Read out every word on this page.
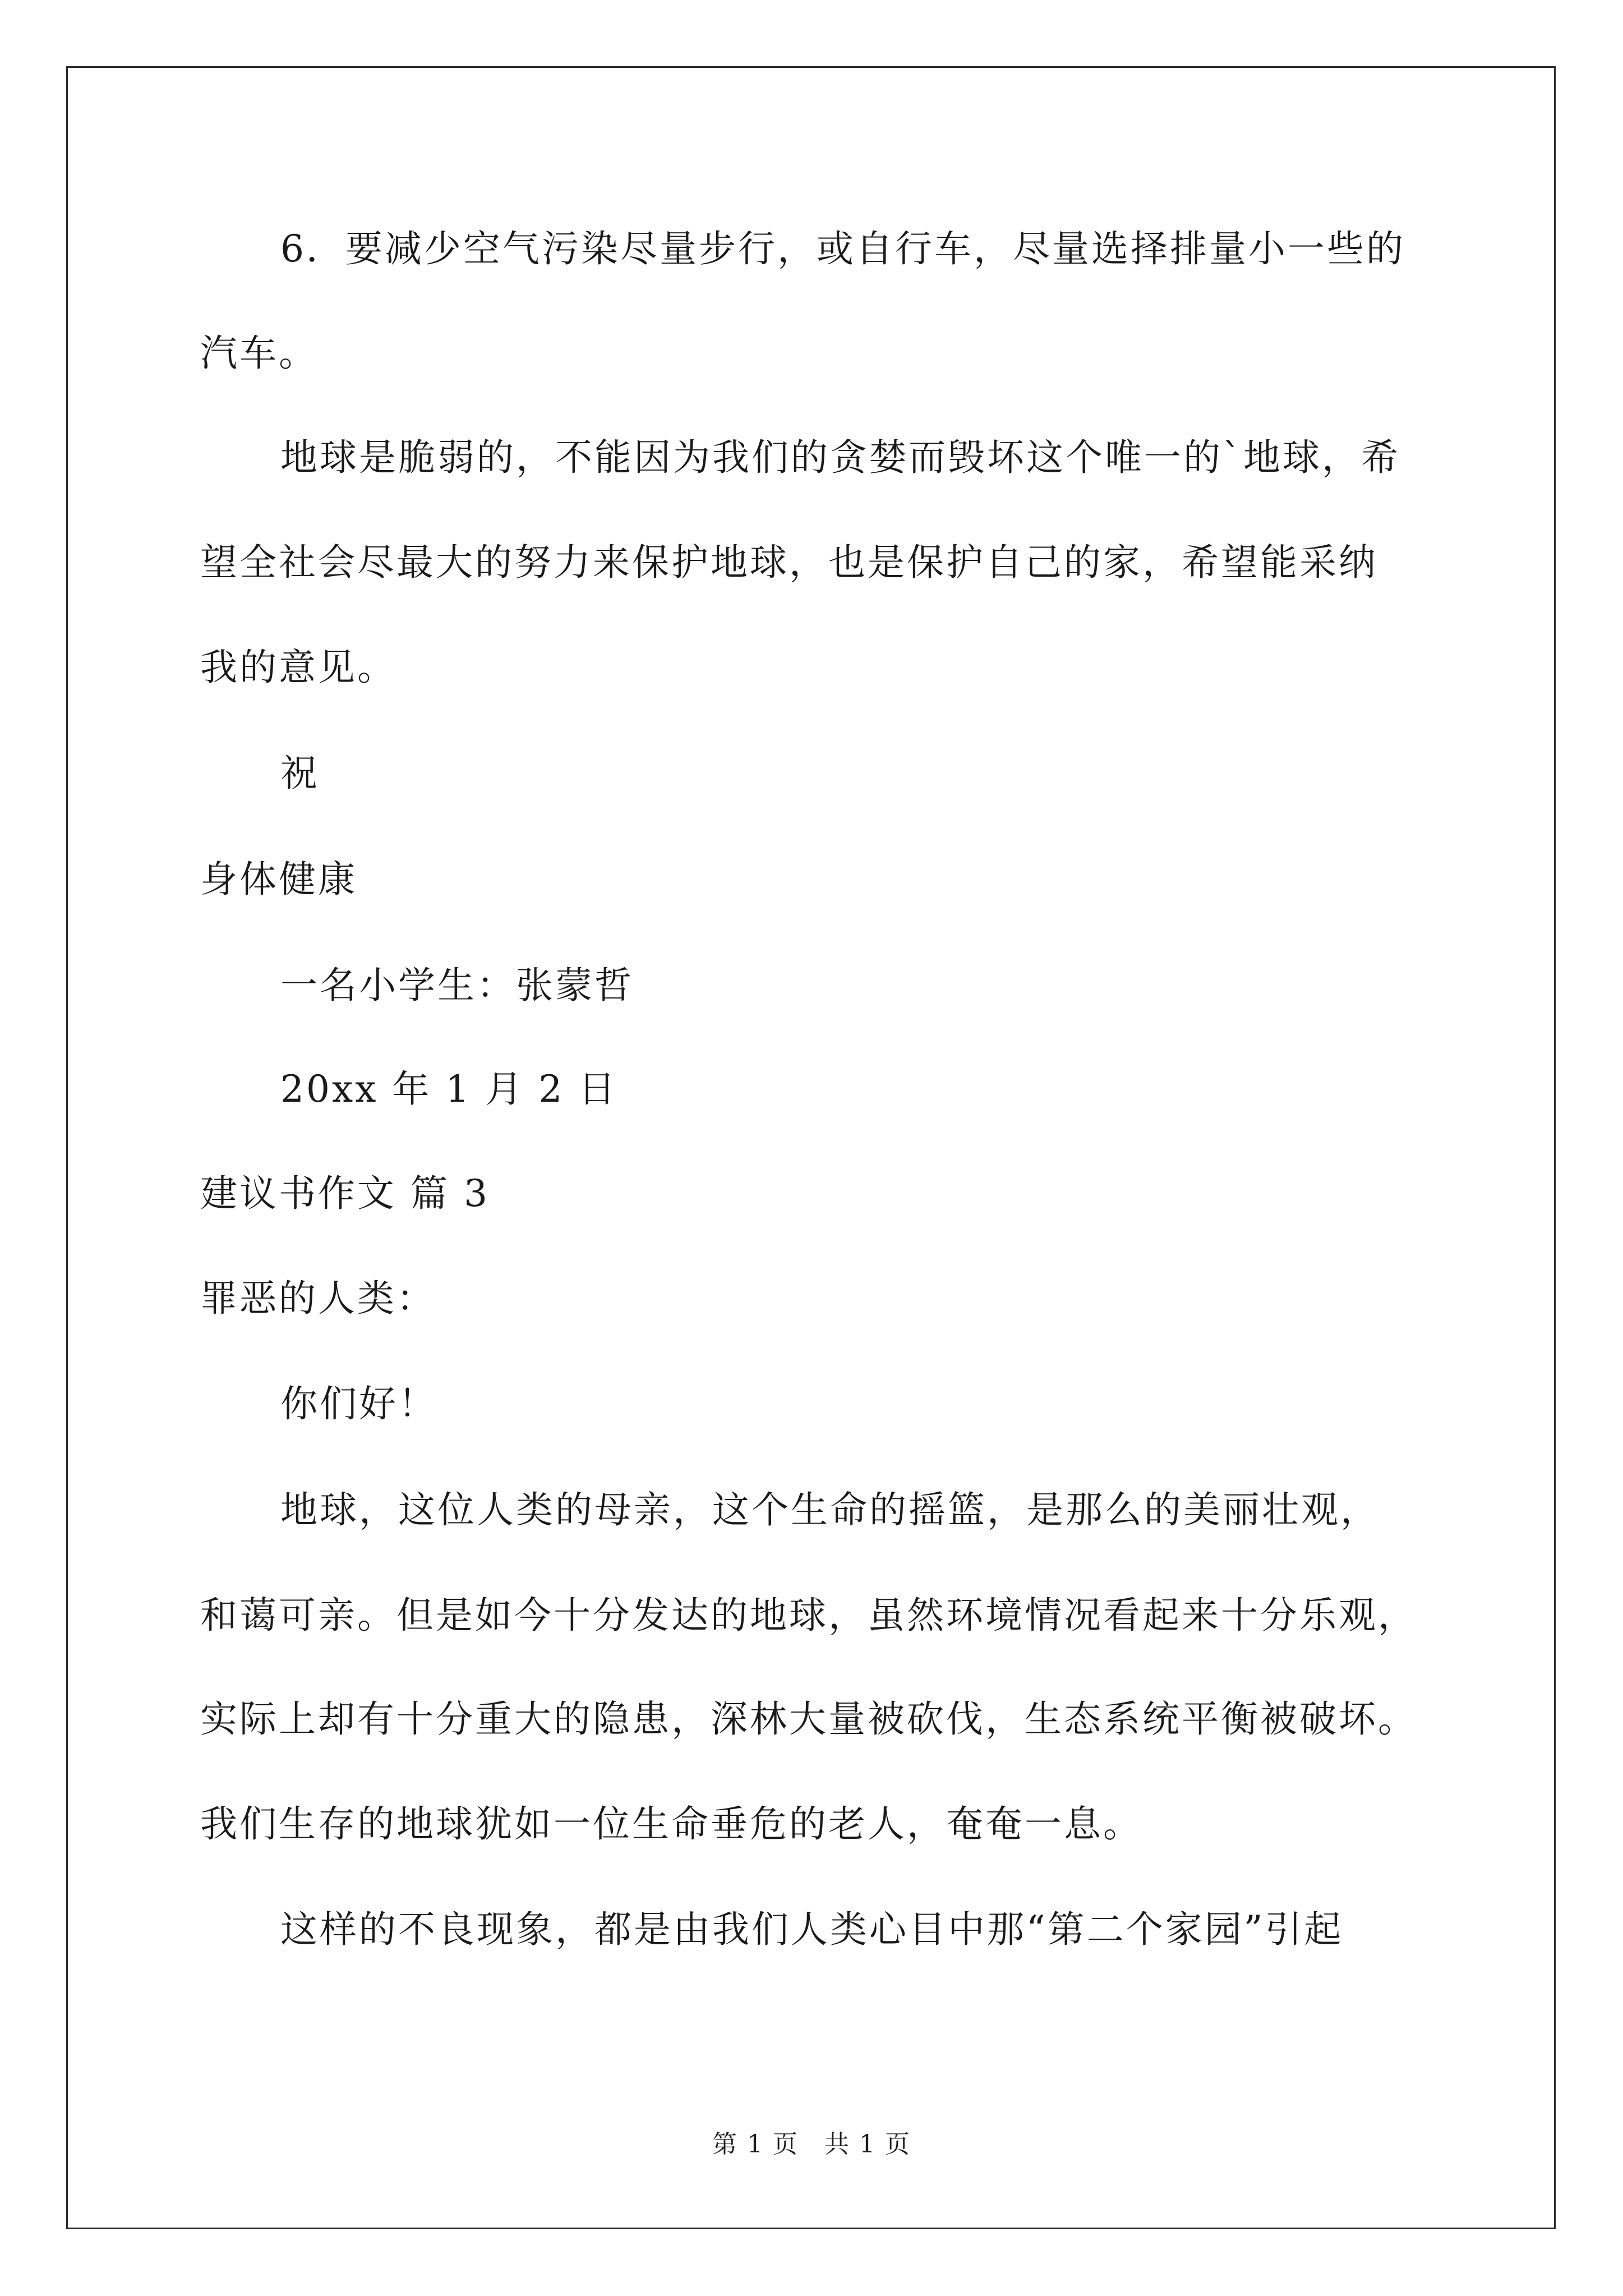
6．要减少空气污染尽量步行，或自行车，尽量选择排量小一些的
汽车。
地球是脆弱的，不能因为我们的贪婪而毁坏这个唯一的`地球，希
望全社会尽最大的努力来保护地球，也是保护自己的家，希望能采纳
我的意见。
祝
身体健康
一名小学生：张蒙哲
20xx 年 1 月 2 日
建议书作文 篇 3
罪恶的人类：
你们好！
地球，这位人类的母亲，这个生命的摇篮，是那么的美丽壮观，
和蔼可亲。但是如今十分发达的地球，虽然环境情况看起来十分乐观，
实际上却有十分重大的隐患，深林大量被砍伐，生态系统平衡被破坏。
我们生存的地球犹如一位生命垂危的老人，奄奄一息。
这样的不良现象，都是由我们人类心目中那“第二个家园”引起
第 1 页　共 1 页
